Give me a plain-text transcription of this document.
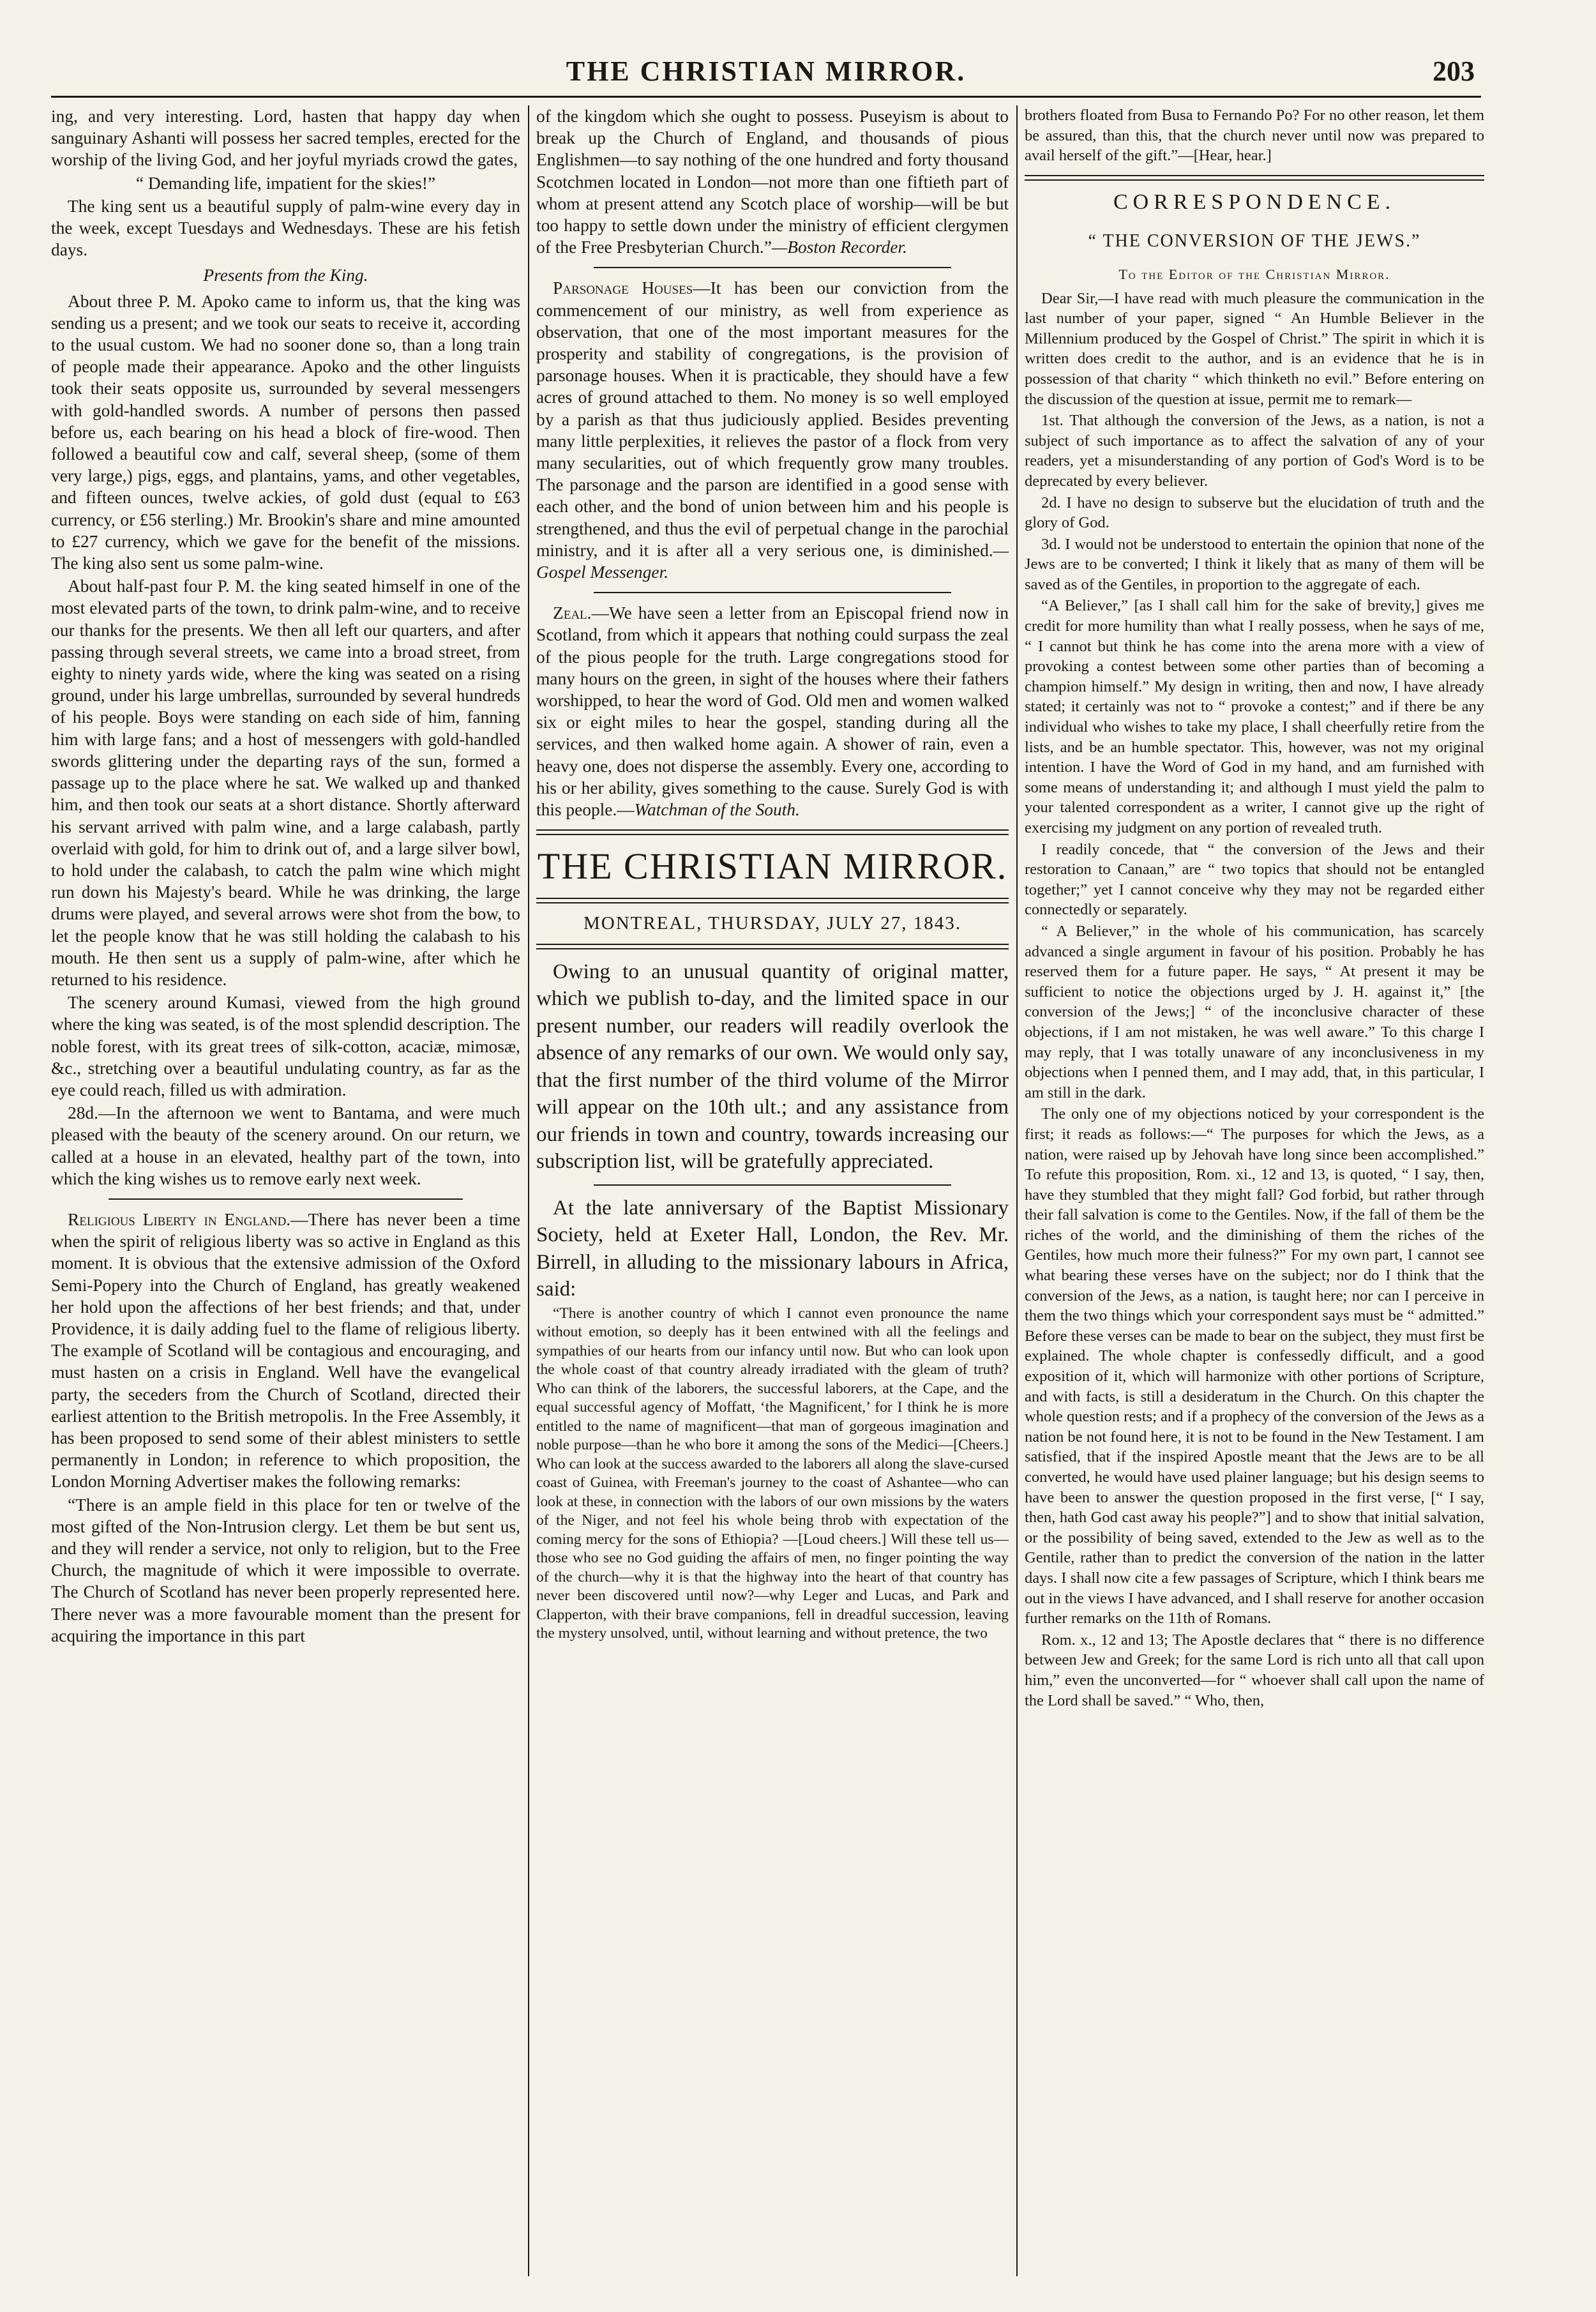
THE CHRISTIAN MIRROR.	203

ing, and very interesting. Lord, hasten that happy day when sanguinary Ashanti will possess her sacred temples, erected for the worship of the living God, and her joyful myriads crowd the gates,

“ Demanding life, impatient for the skies!”

The king sent us a beautiful supply of palm-wine every day in the week, except Tuesdays and Wednesdays. These are his fetish days.

Presents from the King.

About three P. M. Apoko came to inform us, that the king was sending us a present; and we took our seats to receive it, according to the usual custom. We had no sooner done so, than a long train of people made their appearance. Apoko and the other linguists took their seats opposite us, surrounded by several messengers with gold-handled swords. A number of persons then passed before us, each bearing on his head a block of fire-wood. Then followed a beautiful cow and calf, several sheep, (some of them very large,) pigs, eggs, and plantains, yams, and other vegetables, and fifteen ounces, twelve ackies, of gold dust (equal to £63 currency, or £56 sterling.) Mr. Brookin's share and mine amounted to £27 currency, which we gave for the benefit of the missions. The king also sent us some palm-wine.

About half-past four P. M. the king seated himself in one of the most elevated parts of the town, to drink palm-wine, and to receive our thanks for the presents. We then all left our quarters, and after passing through several streets, we came into a broad street, from eighty to ninety yards wide, where the king was seated on a rising ground, under his large umbrellas, surrounded by several hundreds of his people. Boys were standing on each side of him, fanning him with large fans; and a host of messengers with gold-handled swords glittering under the departing rays of the sun, formed a passage up to the place where he sat. We walked up and thanked him, and then took our seats at a short distance. Shortly afterward his servant arrived with palm wine, and a large calabash, partly overlaid with gold, for him to drink out of, and a large silver bowl, to hold under the calabash, to catch the palm wine which might run down his Majesty's beard. While he was drinking, the large drums were played, and several arrows were shot from the bow, to let the people know that he was still holding the calabash to his mouth. He then sent us a supply of palm-wine, after which he returned to his residence.

The scenery around Kumasi, viewed from the high ground where the king was seated, is of the most splendid description. The noble forest, with its great trees of silk-cotton, acaciæ, mimosæ, &c., stretching over a beautiful undulating country, as far as the eye could reach, filled us with admiration.

28d.—In the afternoon we went to Bantama, and were much pleased with the beauty of the scenery around. On our return, we called at a house in an elevated, healthy part of the town, into which the king wishes us to remove early next week.

Religious Liberty in England.—There has never been a time when the spirit of religious liberty was so active in England as this moment. It is obvious that the extensive admission of the Oxford Semi-Popery into the Church of England, has greatly weakened her hold upon the affections of her best friends; and that, under Providence, it is daily adding fuel to the flame of religious liberty. The example of Scotland will be contagious and encouraging, and must hasten on a crisis in England. Well have the evangelical party, the seceders from the Church of Scotland, directed their earliest attention to the British metropolis. In the Free Assembly, it has been proposed to send some of their ablest ministers to settle permanently in London; in reference to which proposition, the London Morning Advertiser makes the following remarks:

“There is an ample field in this place for ten or twelve of the most gifted of the Non-Intrusion clergy. Let them be but sent us, and they will render a service, not only to religion, but to the Free Church, the magnitude of which it were impossible to overrate. The Church of Scotland has never been properly represented here. There never was a more favourable moment than the present for acquiring the importance in this part

of the kingdom which she ought to possess. Puseyism is about to break up the Church of England, and thousands of pious Englishmen—to say nothing of the one hundred and forty thousand Scotchmen located in London—not more than one fiftieth part of whom at present attend any Scotch place of worship—will be but too happy to settle down under the ministry of efficient clergymen of the Free Presbyterian Church.”—Boston Recorder.

Parsonage Houses—It has been our conviction from the commencement of our ministry, as well from experience as observation, that one of the most important measures for the prosperity and stability of congregations, is the provision of parsonage houses. When it is practicable, they should have a few acres of ground attached to them. No money is so well employed by a parish as that thus judiciously applied. Besides preventing many little perplexities, it relieves the pastor of a flock from very many secularities, out of which frequently grow many troubles. The parsonage and the parson are identified in a good sense with each other, and the bond of union between him and his people is strengthened, and thus the evil of perpetual change in the parochial ministry, and it is after all a very serious one, is diminished.—Gospel Messenger.

Zeal.—We have seen a letter from an Episcopal friend now in Scotland, from which it appears that nothing could surpass the zeal of the pious people for the truth. Large congregations stood for many hours on the green, in sight of the houses where their fathers worshipped, to hear the word of God. Old men and women walked six or eight miles to hear the gospel, standing during all the services, and then walked home again. A shower of rain, even a heavy one, does not disperse the assembly. Every one, according to his or her ability, gives something to the cause. Surely God is with this people.—Watchman of the South.

THE CHRISTIAN MIRROR.
MONTREAL, THURSDAY, JULY 27, 1843.

Owing to an unusual quantity of original matter, which we publish to-day, and the limited space in our present number, our readers will readily overlook the absence of any remarks of our own. We would only say, that the first number of the third volume of the Mirror will appear on the 10th ult.; and any assistance from our friends in town and country, towards increasing our subscription list, will be gratefully appreciated.

At the late anniversary of the Baptist Missionary Society, held at Exeter Hall, London, the Rev. Mr. Birrell, in alluding to the missionary labours in Africa, said:

“There is another country of which I cannot even pronounce the name without emotion, so deeply has it been entwined with all the feelings and sympathies of our hearts from our infancy until now. But who can look upon the whole coast of that country already irradiated with the gleam of truth? Who can think of the laborers, the successful laborers, at the Cape, and the equal successful agency of Moffatt, ‘the Magnificent,’ for I think he is more entitled to the name of magnificent—that man of gorgeous imagination and noble purpose—than he who bore it among the sons of the Medici—[Cheers.] Who can look at the success awarded to the laborers all along the slave-cursed coast of Guinea, with Freeman's journey to the coast of Ashantee—who can look at these, in connection with the labors of our own missions by the waters of the Niger, and not feel his whole being throb with expectation of the coming mercy for the sons of Ethiopia? —[Loud cheers.] Will these tell us—those who see no God guiding the affairs of men, no finger pointing the way of the church—why it is that the highway into the heart of that country has never been discovered until now?—why Leger and Lucas, and Park and Clapperton, with their brave companions, fell in dreadful succession, leaving the mystery unsolved, until, without learning and without pretence, the two

brothers floated from Busa to Fernando Po? For no other reason, let them be assured, than this, that the church never until now was prepared to avail herself of the gift.”—[Hear, hear.]

CORRESPONDENCE.
“ THE CONVERSION OF THE JEWS.”
To the Editor of the Christian Mirror.

Dear Sir,—I have read with much pleasure the communication in the last number of your paper, signed “ An Humble Believer in the Millennium produced by the Gospel of Christ.” The spirit in which it is written does credit to the author, and is an evidence that he is in possession of that charity “ which thinketh no evil.” Before entering on the discussion of the question at issue, permit me to remark—

1st. That although the conversion of the Jews, as a nation, is not a subject of such importance as to affect the salvation of any of your readers, yet a misunderstanding of any portion of God's Word is to be deprecated by every believer.

2d. I have no design to subserve but the elucidation of truth and the glory of God.

3d. I would not be understood to entertain the opinion that none of the Jews are to be converted; I think it likely that as many of them will be saved as of the Gentiles, in proportion to the aggregate of each.

“A Believer,” [as I shall call him for the sake of brevity,] gives me credit for more humility than what I really possess, when he says of me, “ I cannot but think he has come into the arena more with a view of provoking a contest between some other parties than of becoming a champion himself.” My design in writing, then and now, I have already stated; it certainly was not to “ provoke a contest;” and if there be any individual who wishes to take my place, I shall cheerfully retire from the lists, and be an humble spectator. This, however, was not my original intention. I have the Word of God in my hand, and am furnished with some means of understanding it; and although I must yield the palm to your talented correspondent as a writer, I cannot give up the right of exercising my judgment on any portion of revealed truth.

I readily concede, that “ the conversion of the Jews and their restoration to Canaan,” are “ two topics that should not be entangled together;” yet I cannot conceive why they may not be regarded either connectedly or separately.

“ A Believer,” in the whole of his communication, has scarcely advanced a single argument in favour of his position. Probably he has reserved them for a future paper. He says, “ At present it may be sufficient to notice the objections urged by J. H. against it,” [the conversion of the Jews;] “ of the inconclusive character of these objections, if I am not mistaken, he was well aware.” To this charge I may reply, that I was totally unaware of any inconclusiveness in my objections when I penned them, and I may add, that, in this particular, I am still in the dark.

The only one of my objections noticed by your correspondent is the first; it reads as follows:—“ The purposes for which the Jews, as a nation, were raised up by Jehovah have long since been accomplished.” To refute this proposition, Rom. xi., 12 and 13, is quoted, “ I say, then, have they stumbled that they might fall? God forbid, but rather through their fall salvation is come to the Gentiles. Now, if the fall of them be the riches of the world, and the diminishing of them the riches of the Gentiles, how much more their fulness?” For my own part, I cannot see what bearing these verses have on the subject; nor do I think that the conversion of the Jews, as a nation, is taught here; nor can I perceive in them the two things which your correspondent says must be “ admitted.” Before these verses can be made to bear on the subject, they must first be explained. The whole chapter is confessedly difficult, and a good exposition of it, which will harmonize with other portions of Scripture, and with facts, is still a desideratum in the Church. On this chapter the whole question rests; and if a prophecy of the conversion of the Jews as a nation be not found here, it is not to be found in the New Testament. I am satisfied, that if the inspired Apostle meant that the Jews are to be all converted, he would have used plainer language; but his design seems to have been to answer the question proposed in the first verse, [“ I say, then, hath God cast away his people?”] and to show that initial salvation, or the possibility of being saved, extended to the Jew as well as to the Gentile, rather than to predict the conversion of the nation in the latter days. I shall now cite a few passages of Scripture, which I think bears me out in the views I have advanced, and I shall reserve for another occasion further remarks on the 11th of Romans.

Rom. x., 12 and 13; The Apostle declares that “ there is no difference between Jew and Greek; for the same Lord is rich unto all that call upon him,” even the unconverted—for “ whoever shall call upon the name of the Lord shall be saved.” “ Who, then,
